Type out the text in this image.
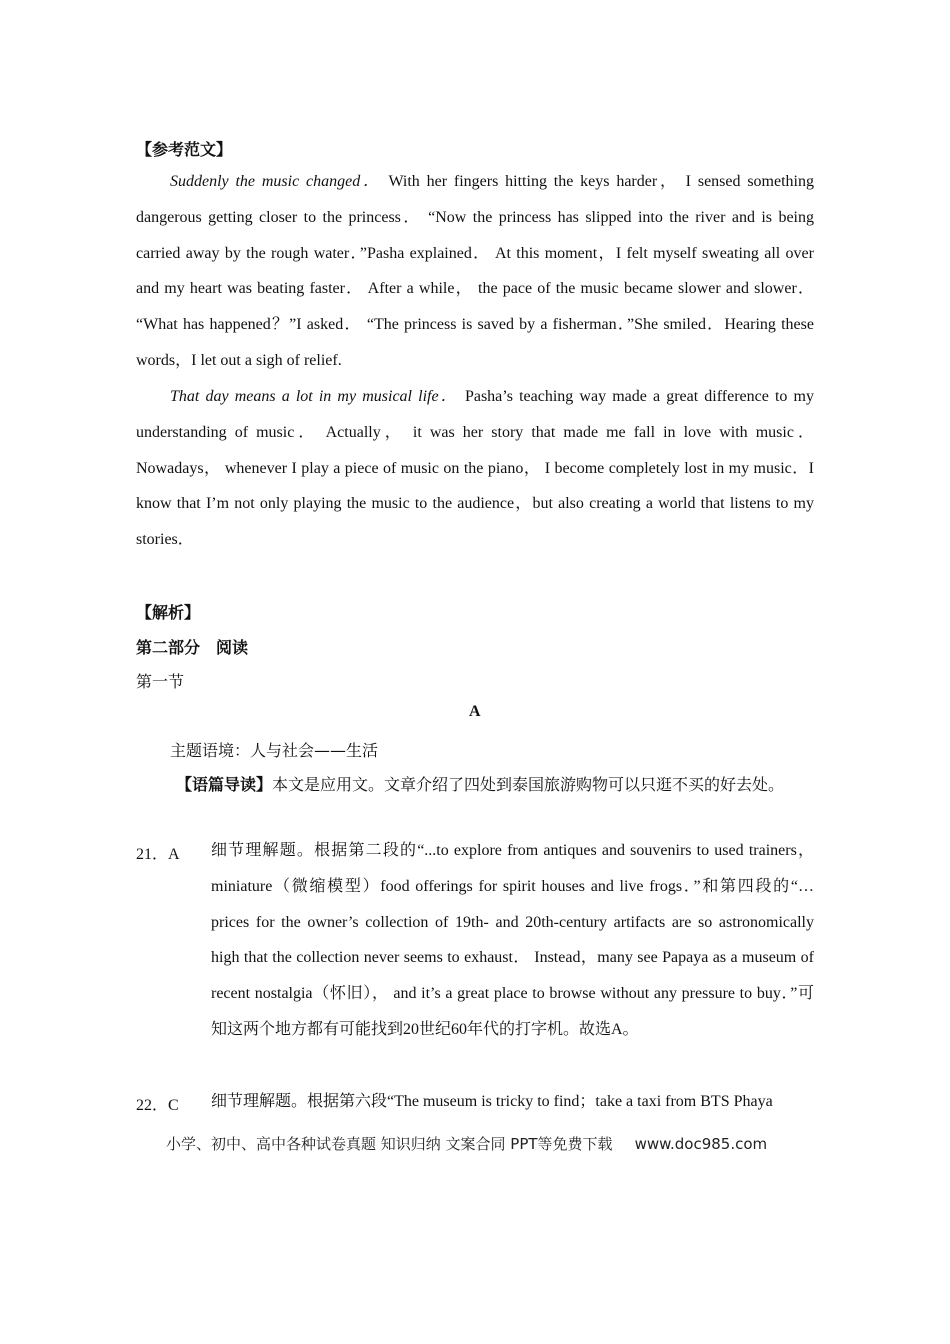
【参考范文】
Suddenly the music changed． With her fingers hitting the keys harder， I sensed something dangerous getting closer to the princess． “Now the princess has slipped into the river and is being carried away by the rough water．”Pasha explained． At this moment，I felt myself sweating all over and my heart was beating faster． After a while， the pace of the music became slower and slower． “What has happened？”I asked． “The princess is saved by a fisherman．”She smiled．Hearing these words，I let out a sigh of relief.
That day means a lot in my musical life． Pasha’s teaching way made a great difference to my understanding of music． Actually， it was her story that made me fall in love with music． Nowadays， whenever I play a piece of music on the piano， I become completely lost in my music．I know that I’m not only playing the music to the audience，but also creating a world that listens to my stories．
【解析】
第二部分　阅读
第一节
A
主题语境：人与社会——生活
【语篇导读】本文是应用文。文章介绍了四处到泰国旅游购物可以只逛不买的好去处。
21．A 细节理解题。根据第二段的“...to explore from antiques and souvenirs to used trainers，miniature（微缩模型）food offerings for spirit houses and live frogs．”和第四段的“…prices for the owner’s collection of 19th- and 20th-century artifacts are so astronomically high that the collection never seems to exhaust． Instead，many see Papaya as a museum of recent nostalgia（怀旧）， and it’s a great place to browse without any pressure to buy．”可知这两个地方都有可能找到20世纪60年代的打字机。故选A。
22．C 细节理解题。根据第六段“The museum is tricky to find；take a taxi from BTS Phaya
小学、初中、高中各种试卷真题 知识归纳 文案合同 PPT等免费下载 www.doc985.com
